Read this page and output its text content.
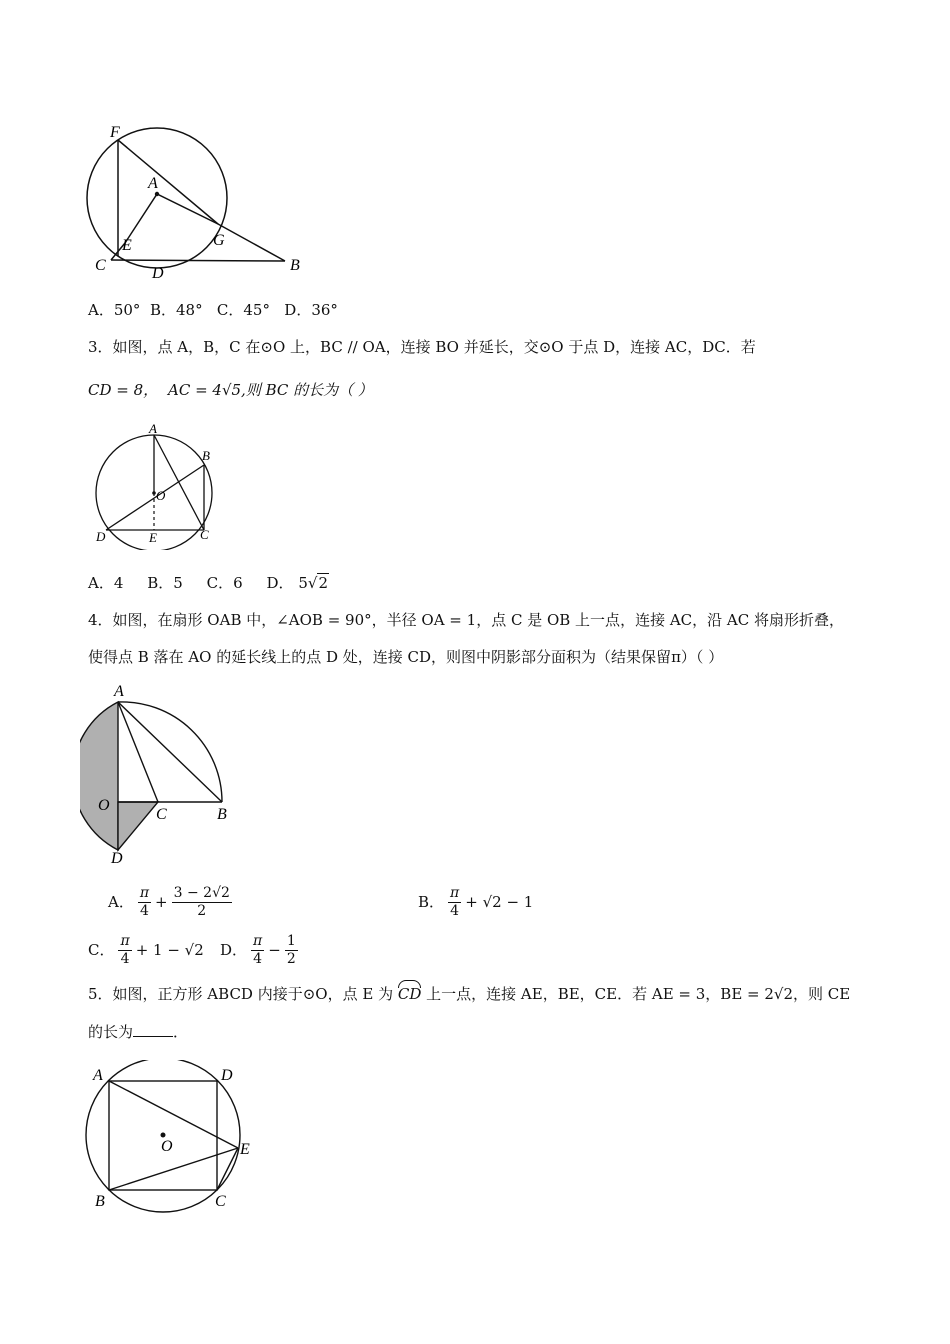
F
A
E	G
C	D	B
A．50° B．48° C．45° D．36°
3．如图，点 A，B，C 在⊙O 上，BC // OA，连接 BO 并延长，交⊙O 于点 D，连接 AC，DC．若
CD = 8， AC = 4√5,则 BC 的长为（ ）
A
B
O
D	E	C
A．4 B．5 C．6 D． 5√2
4．如图，在扇形 OAB 中，∠AOB = 90°，半径 OA = 1，点 C 是 OB 上一点，连接 AC，沿 AC 将扇形折叠，
使得点 B 落在 AO 的延长线上的点 D 处，连接 CD，则图中阴影部分面积为（结果保留π）（ ）
A
O
C	B
D
A． $\frac{\pi}{4} + \frac{3 - 2√2}{2}$	B． $\frac{\pi}{4} + √2 - 1$
C． $\frac{\pi}{4} + 1 - √2$ D． $\frac{\pi}{4} - \frac{1}{2}$
5．如图，正方形 ABCD 内接于⊙O，点 E 为 CD 上一点，连接 AE，BE，CE．若 AE = 3，BE = 2√2，则 CE
的长为	．
A	D
O	E
B	C
